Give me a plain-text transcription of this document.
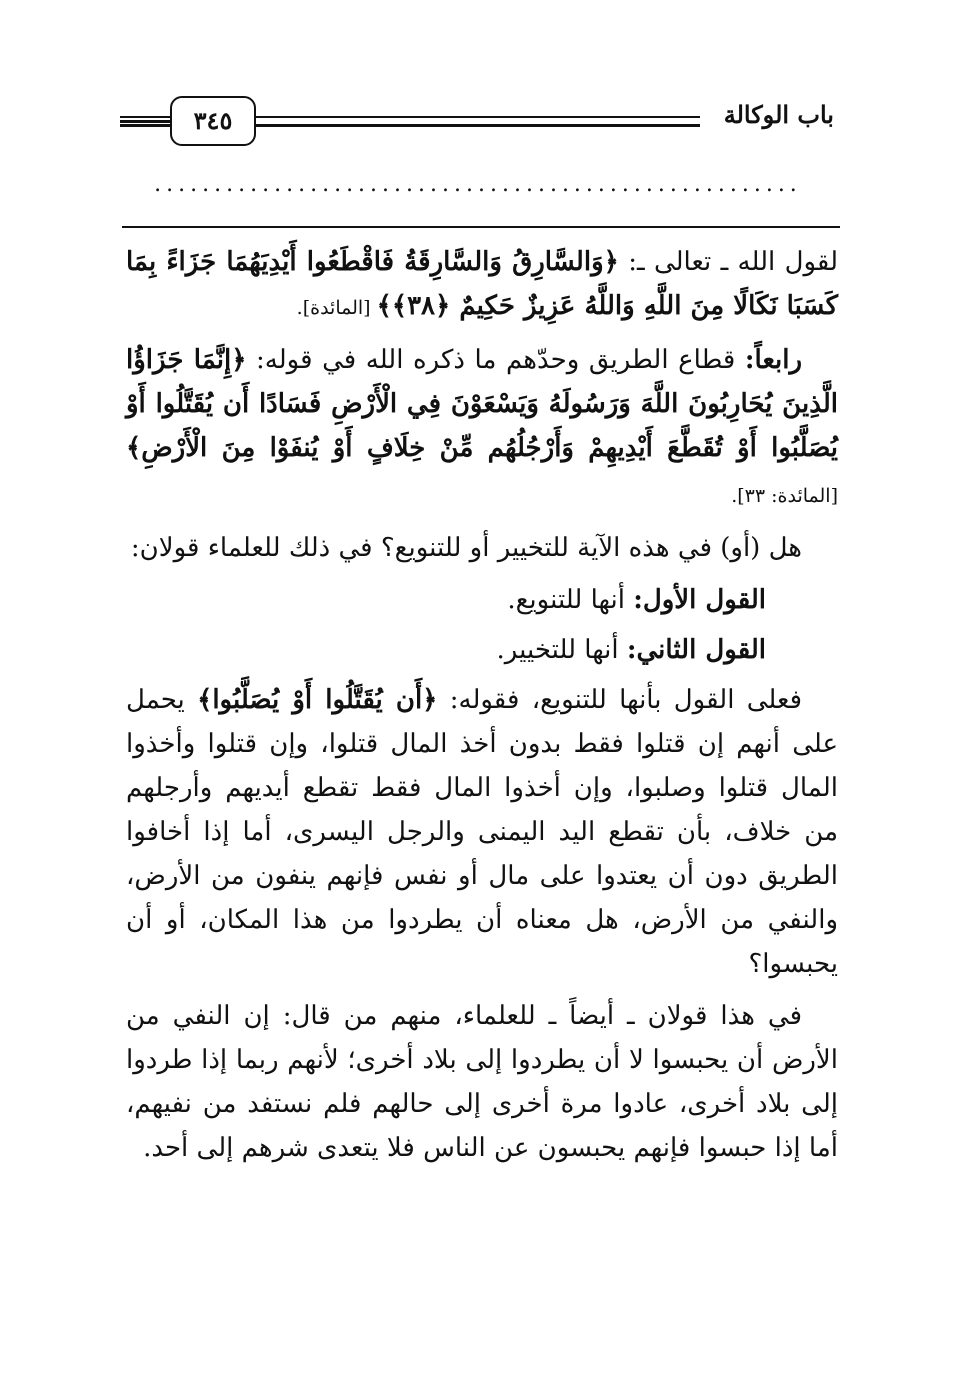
٣٤٥	باب الوكالة
......................................................

لقول الله ـ تعالى ـ: ﴿وَالسَّارِقُ وَالسَّارِقَةُ فَاقْطَعُوا أَيْدِيَهُمَا جَزَاءً بِمَا كَسَبَا نَكَالًا مِنَ اللَّهِ وَاللَّهُ عَزِيزٌ حَكِيمٌ ﴿٣٨﴾﴾ [المائدة].

رابعاً: قطاع الطريق وحدّهم ما ذكره الله في قوله: ﴿إِنَّمَا جَزَاؤُا الَّذِينَ يُحَارِبُونَ اللَّهَ وَرَسُولَهُ وَيَسْعَوْنَ فِي الْأَرْضِ فَسَادًا أَن يُقَتَّلُوا أَوْ يُصَلَّبُوا أَوْ تُقَطَّعَ أَيْدِيهِمْ وَأَرْجُلُهُم مِّنْ خِلَافٍ أَوْ يُنفَوْا مِنَ الْأَرْضِ﴾ [المائدة: ٣٣].

هل (أو) في هذه الآية للتخيير أو للتنويع؟ في ذلك للعلماء قولان:

القول الأول: أنها للتنويع.

القول الثاني: أنها للتخيير.

فعلى القول بأنها للتنويع، فقوله: ﴿أَن يُقَتَّلُوا أَوْ يُصَلَّبُوا﴾ يحمل على أنهم إن قتلوا فقط بدون أخذ المال قتلوا، وإن قتلوا وأخذوا المال قتلوا وصلبوا، وإن أخذوا المال فقط تقطع أيديهم وأرجلهم من خلاف، بأن تقطع اليد اليمنى والرجل اليسرى، أما إذا أخافوا الطريق دون أن يعتدوا على مال أو نفس فإنهم ينفون من الأرض، والنفي من الأرض، هل معناه أن يطردوا من هذا المكان، أو أن يحبسوا؟

في هذا قولان ـ أيضاً ـ للعلماء، منهم من قال: إن النفي من الأرض أن يحبسوا لا أن يطردوا إلى بلاد أخرى؛ لأنهم ربما إذا طردوا إلى بلاد أخرى، عادوا مرة أخرى إلى حالهم فلم نستفد من نفيهم، أما إذا حبسوا فإنهم يحبسون عن الناس فلا يتعدى شرهم إلى أحد.
